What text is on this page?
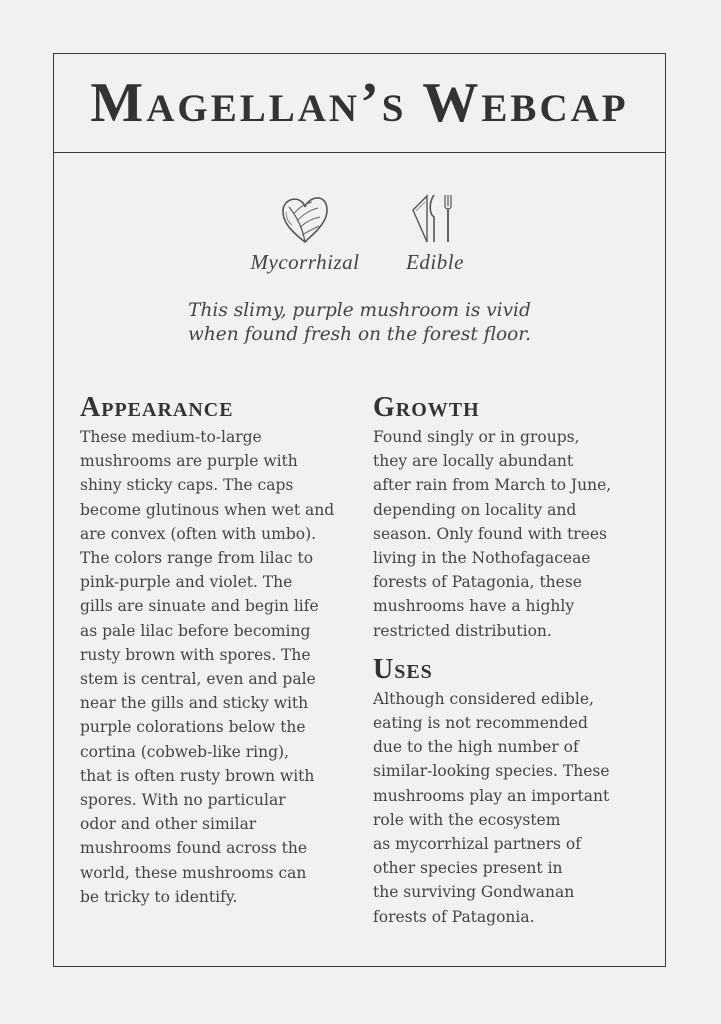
Magellan’s Webcap
Mycorrhizal	Edible
This slimy, purple mushroom is vivid
when found fresh on the forest floor.
Appearance
These medium-to-large
mushrooms are purple with
shiny sticky caps. The caps
become glutinous when wet and
are convex (often with umbo).
The colors range from lilac to
pink-purple and violet. The
gills are sinuate and begin life
as pale lilac before becoming
rusty brown with spores. The
stem is central, even and pale
near the gills and sticky with
purple colorations below the
cortina (cobweb-like ring),
that is often rusty brown with
spores. With no particular
odor and other similar
mushrooms found across the
world, these mushrooms can
be tricky to identify.
Growth
Found singly or in groups,
they are locally abundant
after rain from March to June,
depending on locality and
season. Only found with trees
living in the Nothofagaceae
forests of Patagonia, these
mushrooms have a highly
restricted distribution.
Uses
Although considered edible,
eating is not recommended
due to the high number of
similar-looking species. These
mushrooms play an important
role with the ecosystem
as mycorrhizal partners of
other species present in
the surviving Gondwanan
forests of Patagonia.
